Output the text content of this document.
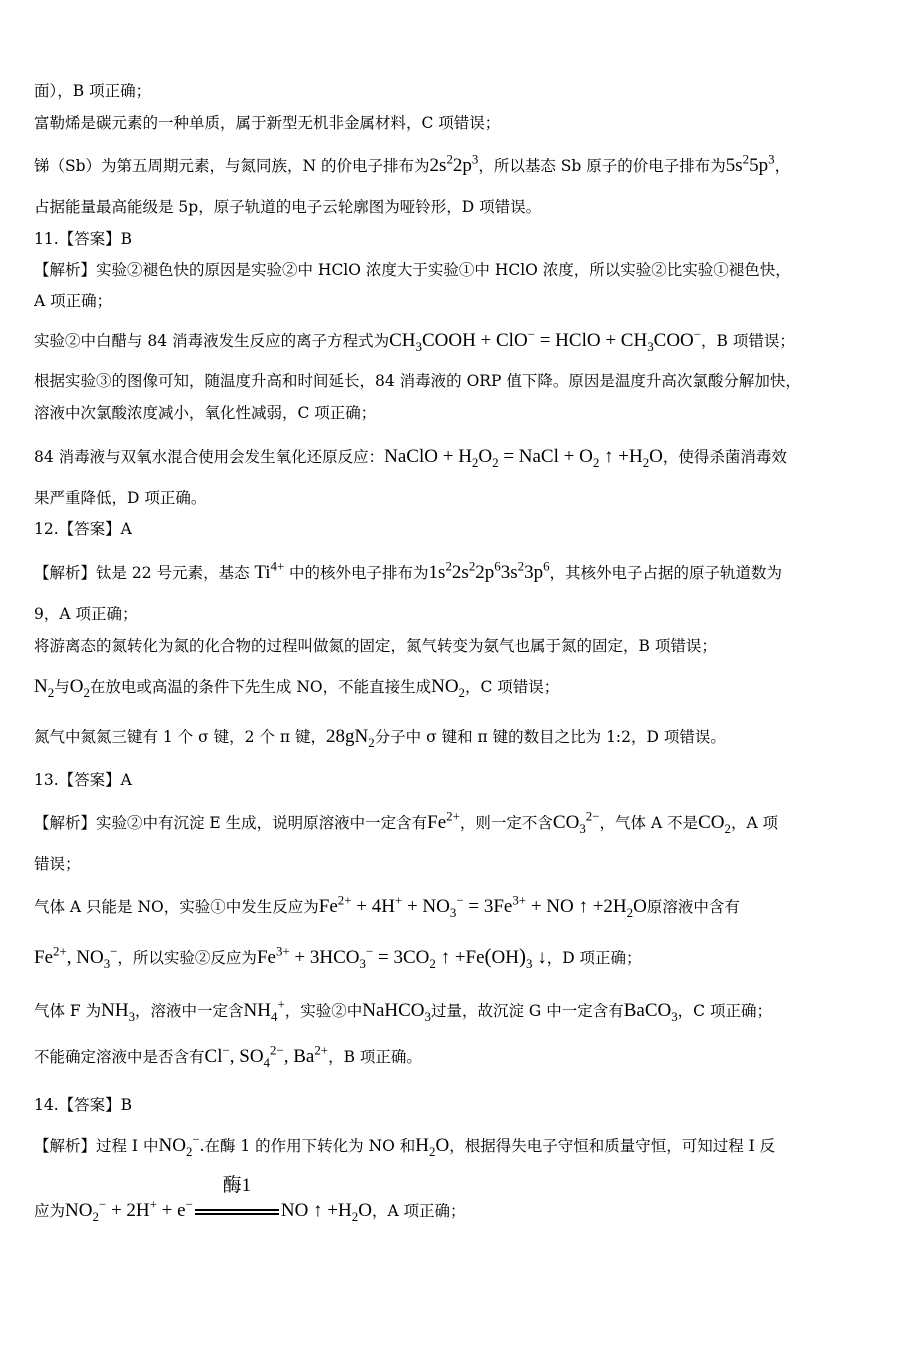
面），B 项正确；
富勒烯是碳元素的一种单质，属于新型无机非金属材料，C 项错误；
锑（Sb）为第五周期元素，与氮同族，N 的价电子排布为$2s^22p^3$，所以基态 Sb 原子的价电子排布为$5s^25p^3$，
占据能量最高能级是 5p，原子轨道的电子云轮廓图为哑铃形，D 项错误。
11.【答案】B
【解析】实验②褪色快的原因是实验②中 HClO 浓度大于实验①中 HClO 浓度，所以实验②比实验①褪色快，
A 项正确；
实验②中白醋与 84 消毒液发生反应的离子方程式为$CH_3COOH + ClO^-$ = HClO + $CH_3COO^-$，B 项错误；
根据实验③的图像可知，随温度升高和时间延长，84 消毒液的 ORP 值下降。原因是温度升高次氯酸分解加快，
溶液中次氯酸浓度减小，氧化性减弱，C 项正确；
84 消毒液与双氧水混合使用会发生氧化还原反应：NaClO + $H_2O_2$ = NaCl + $O_2$ ↑ $+H_2O$，使得杀菌消毒效
果严重降低，D 项正确。
12.【答案】A
【解析】钛是 22 号元素，基态 $Ti^{4+}$ 中的核外电子排布为$1s^22s^22p^63s^23p^6$，其核外电子占据的原子轨道数为
9，A 项正确；
将游离态的氮转化为氮的化合物的过程叫做氮的固定，氮气转变为氨气也属于氮的固定，B 项错误；
$N_2$与$O_2$在放电或高温的条件下先生成 NO，不能直接生成$NO_2$，C 项错误；
氮气中氮氮三键有 1 个 σ 键，2 个 π 键，$28gN_2$分子中 σ 键和 π 键的数目之比为 1:2，D 项错误。
13.【答案】A
【解析】实验②中有沉淀 E 生成，说明原溶液中一定含有$Fe^{2+}$，则一定不含$CO_3^{2-}$，气体 A 不是$CO_2$，A 项
错误；
气体 A 只能是 NO，实验①中发生反应为$Fe^{2+} + 4H^+ + NO_3^- = 3Fe^{3+}$ + NO ↑ $+2H_2O$原溶液中含有
$Fe^{2+}$, $NO_3^-$，所以实验②反应为$Fe^{3+} + 3HCO_3^- = 3CO_2$ ↑ $+Fe(OH)_3$ ↓，D 项正确；
气体 F 为$NH_3$，溶液中一定含$NH_4^+$，实验②中NaHCO$_3$过量，故沉淀 G 中一定含有BaCO$_3$，C 项正确；
不能确定溶液中是否含有Cl−, $SO_4^{2-}$, $Ba^{2+}$，B 项正确。
14.【答案】B
【解析】过程 I 中$NO_2^-$.在酶 1 的作用下转化为 NO 和$H_2O$，根据得失电子守恒和质量守恒，可知过程 I 反
应为$NO_2^- + 2H^+ + e^-$
酶1
NO ↑ $+H_2O$，A 项正确；
